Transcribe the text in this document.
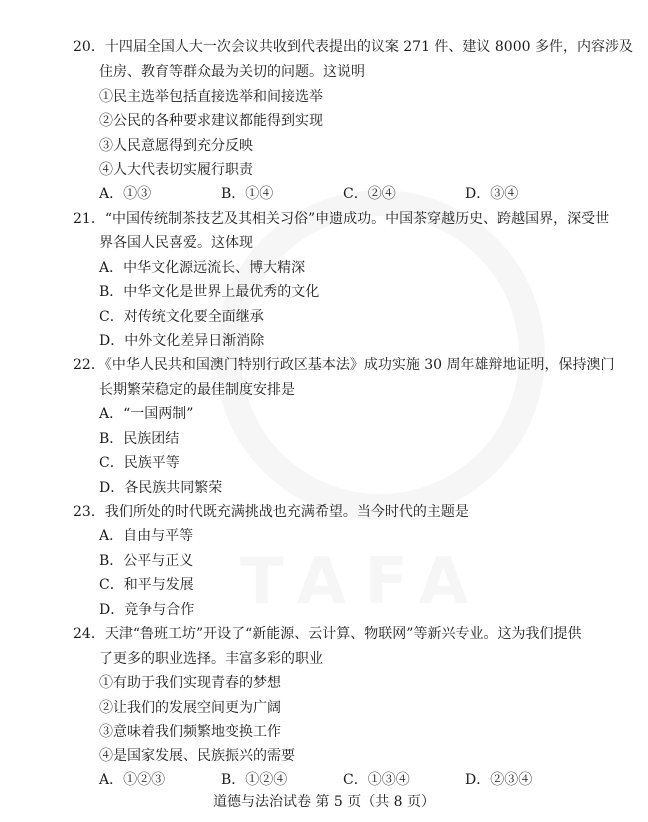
20．十四届全国人大一次会议共收到代表提出的议案 271 件、建议 8000 多件，内容涉及
住房、教育等群众最为关切的问题。这说明
①民主选举包括直接选举和间接选举
②公民的各种要求建议都能得到实现
③人民意愿得到充分反映
④人大代表切实履行职责
A．①③	B．①④	C．②④	D．③④
21．“中国传统制茶技艺及其相关习俗”申遗成功。中国茶穿越历史、跨越国界，深受世
界各国人民喜爱。这体现
A．中华文化源远流长、博大精深
B．中华文化是世界上最优秀的文化
C．对传统文化要全面继承
D．中外文化差异日渐消除
22．《中华人民共和国澳门特别行政区基本法》成功实施 30 周年雄辩地证明，保持澳门
长期繁荣稳定的最佳制度安排是
A．“一国两制”
B．民族团结
C．民族平等
D．各民族共同繁荣
23．我们所处的时代既充满挑战也充满希望。当今时代的主题是
A．自由与平等
B．公平与正义
C．和平与发展
D．竞争与合作
24．天津“鲁班工坊”开设了“新能源、云计算、物联网”等新兴专业。这为我们提供
了更多的职业选择。丰富多彩的职业
①有助于我们实现青春的梦想
②让我们的发展空间更为广阔
③意味着我们频繁地变换工作
④是国家发展、民族振兴的需要
A．①②③	B．①②④	C．①③④	D．②③④
道德与法治试卷 第 5 页（共 8 页）
